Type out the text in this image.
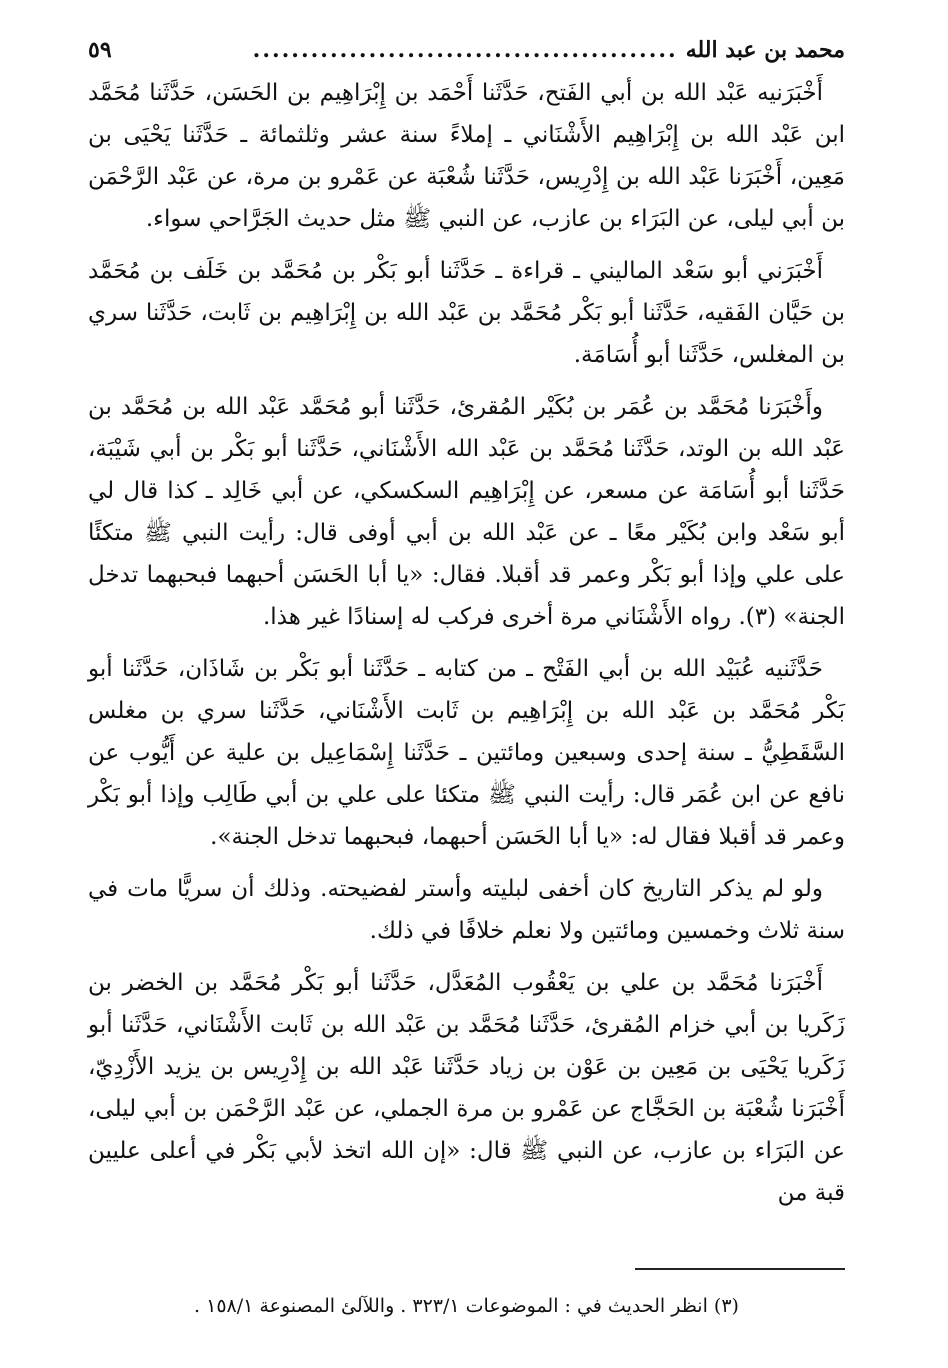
محمد بن عبد الله
............................................
٥٩

أَخْبَرَنيه عَبْد الله بن أبي الفَتح، حَدَّثَنا أَحْمَد بن إِبْرَاهِيم بن الحَسَن، حَدَّثَنا مُحَمَّد ابن عَبْد الله بن إِبْرَاهِيم الأَشْنَاني ـ إملاءً سنة عشر وثلثمائة ـ حَدَّثَنا يَحْيَى بن مَعِين، أَخْبَرَنا عَبْد الله بن إِدْرِيس، حَدَّثَنا شُعْبَة عن عَمْرو بن مرة، عن عَبْد الرَّحْمَن بن أبي ليلى، عن البَرَاء بن عازب، عن النبي ﷺ مثل حديث الجَرَّاحي سواء.

أَخْبَرَني أبو سَعْد الماليني ـ قراءة ـ حَدَّثَنا أبو بَكْر بن مُحَمَّد بن خَلَف بن مُحَمَّد بن حَيَّان الفَقيه، حَدَّثَنا أبو بَكْر مُحَمَّد بن عَبْد الله بن إِبْرَاهِيم بن ثَابت، حَدَّثَنا سري بن المغلس، حَدَّثَنا أبو أُسَامَة.

وأَخْبَرَنا مُحَمَّد بن عُمَر بن بُكَيْر المُقرئ، حَدَّثَنا أبو مُحَمَّد عَبْد الله بن مُحَمَّد بن عَبْد الله بن الوتد، حَدَّثَنا مُحَمَّد بن عَبْد الله الأَشْنَاني، حَدَّثَنا أبو بَكْر بن أبي شَيْبَة، حَدَّثَنا أبو أُسَامَة عن مسعر، عن إِبْرَاهِيم السكسكي، عن أبي خَالِد ـ كذا قال لي أبو سَعْد وابن بُكَيْر معًا ـ عن عَبْد الله بن أبي أوفى قال: رأيت النبي ﷺ متكئًا على علي وإذا أبو بَكْر وعمر قد أقبلا. فقال: «يا أبا الحَسَن أحبهما فبحبهما تدخل الجنة» (٣). رواه الأَشْنَاني مرة أخرى فركب له إسنادًا غير هذا.

حَدَّثَنيه عُبَيْد الله بن أبي الفَتْح ـ من كتابه ـ حَدَّثَنا أبو بَكْر بن شَاذَان، حَدَّثَنا أبو بَكْر مُحَمَّد بن عَبْد الله بن إِبْرَاهِيم بن ثَابت الأَشْنَاني، حَدَّثَنا سري بن مغلس السَّقَطِيُّ ـ سنة إحدى وسبعين ومائتين ـ حَدَّثَنا إِسْمَاعِيل بن علية عن أَيُّوب عن نافع عن ابن عُمَر قال: رأيت النبي ﷺ متكئا على علي بن أبي طَالِب وإذا أبو بَكْر وعمر قد أقبلا فقال له: «يا أبا الحَسَن أحبهما، فبحبهما تدخل الجنة».

ولو لم يذكر التاريخ كان أخفى لبليته وأستر لفضيحته. وذلك أن سريًّا مات في سنة ثلاث وخمسين ومائتين ولا نعلم خلافًا في ذلك.

أَخْبَرَنا مُحَمَّد بن علي بن يَعْقُوب المُعَدَّل، حَدَّثَنا أبو بَكْر مُحَمَّد بن الخضر بن زَكَريا بن أبي خزام المُقرئ، حَدَّثَنا مُحَمَّد بن عَبْد الله بن ثَابت الأَشْنَاني، حَدَّثَنا أبو زَكَريا يَحْيَى بن مَعِين بن عَوْن بن زياد حَدَّثَنا عَبْد الله بن إِدْرِيس بن يزيد الأَزْدِيّ، أَخْبَرَنا شُعْبَة بن الحَجَّاج عن عَمْرو بن مرة الجملي، عن عَبْد الرَّحْمَن بن أبي ليلى، عن البَرَاء بن عازب، عن النبي ﷺ قال: «إن الله اتخذ لأبي بَكْر في أعلى عليين قبة من

(٣) انظر الحديث في : الموضوعات ٣٢٣/١ . واللآلئ المصنوعة ١٥٨/١ .
